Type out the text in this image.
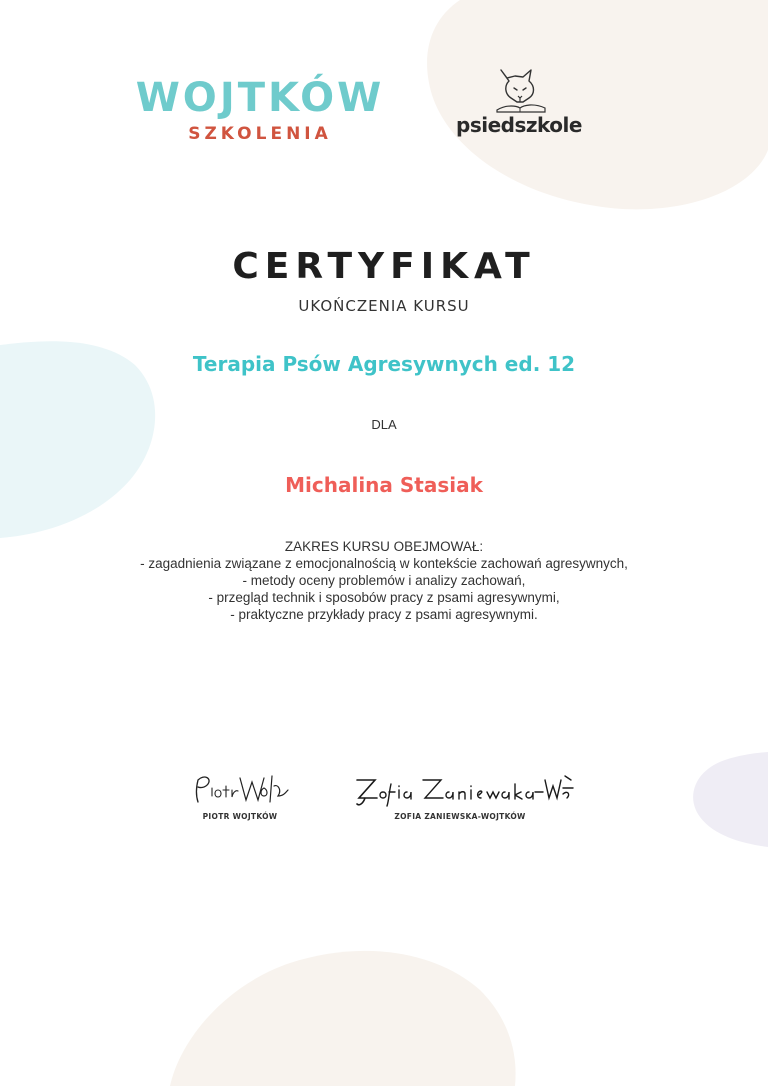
WOJTKÓW
SZKOLENIA	psiedszkole
CERTYFIKAT
UKOŃCZENIA KURSU
Terapia Psów Agresywnych ed. 12
DLA
Michalina Stasiak
ZAKRES KURSU OBEJMOWAŁ:
- zagadnienia związane z emocjonalnością w kontekście zachowań agresywnych,
- metody oceny problemów i analizy zachowań,
- przegląd technik i sposobów pracy z psami agresywnymi,
- praktyczne przykłady pracy z psami agresywnymi.
PIOTR WOJTKÓW	ZOFIA ZANIEWSKA-WOJTKÓW
